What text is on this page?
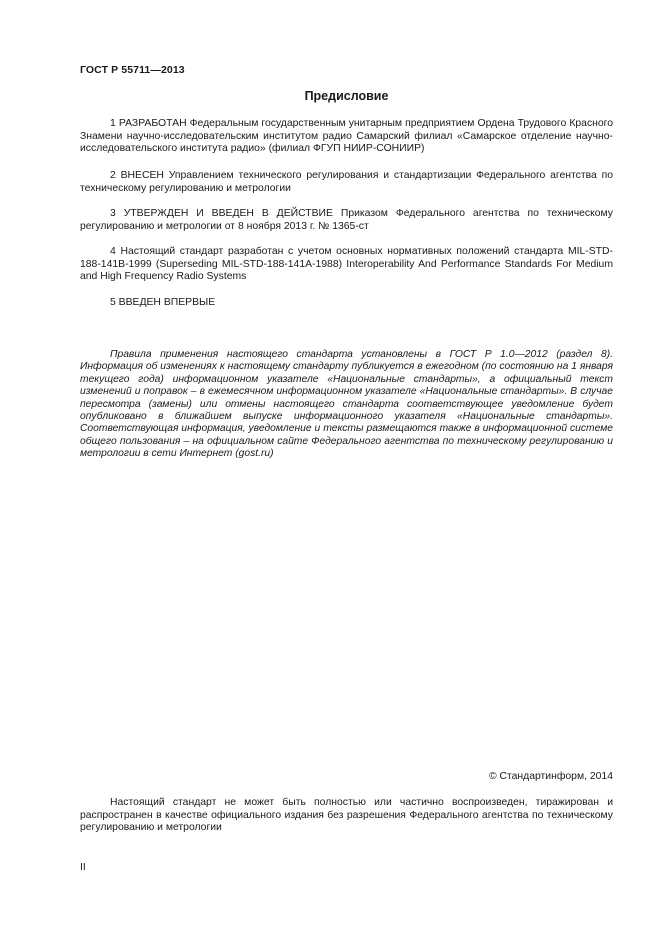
ГОСТ Р 55711—2013
Предисловие

1 РАЗРАБОТАН Федеральным государственным унитарным предприятием Ордена Трудового Красного Знамени научно-исследовательским институтом радио Самарский филиал «Самарское отделение научно-исследовательского института радио» (филиал ФГУП НИИР-СОНИИР)

2 ВНЕСЕН Управлением технического регулирования и стандартизации Федерального агентства по техническому регулированию и метрологии

3 УТВЕРЖДЕН И ВВЕДЕН В ДЕЙСТВИЕ Приказом Федерального агентства по техническому регулированию и метрологии от 8 ноября 2013 г. № 1365-ст

4 Настоящий стандарт разработан с учетом основных нормативных положений стандарта MIL-STD-188-141B-1999 (Superseding MIL-STD-188-141A-1988) Interoperability And Performance Standards For Medium and High Frequency Radio Systems

5 ВВЕДЕН ВПЕРВЫЕ

Правила применения настоящего стандарта установлены в ГОСТ Р 1.0—2012 (раздел 8). Информация об изменениях к настоящему стандарту публикуется в ежегодном (по состоянию на 1 января текущего года) информационном указателе «Национальные стандарты», а официальный текст изменений и поправок – в ежемесячном информационном указателе «Национальные стандарты». В случае пересмотра (замены) или отмены настоящего стандарта соответствующее уведомление будет опубликовано в ближайшем выпуске информационного указателя «Национальные стандарты». Соответствующая информация, уведомление и тексты размещаются также в информационной системе общего пользования – на официальном сайте Федерального агентства по техническому регулированию и метрологии в сети Интернет (gost.ru)

© Стандартинформ, 2014

Настоящий стандарт не может быть полностью или частично воспроизведен, тиражирован и распространен в качестве официального издания без разрешения Федерального агентства по техническому регулированию и метрологии

II
